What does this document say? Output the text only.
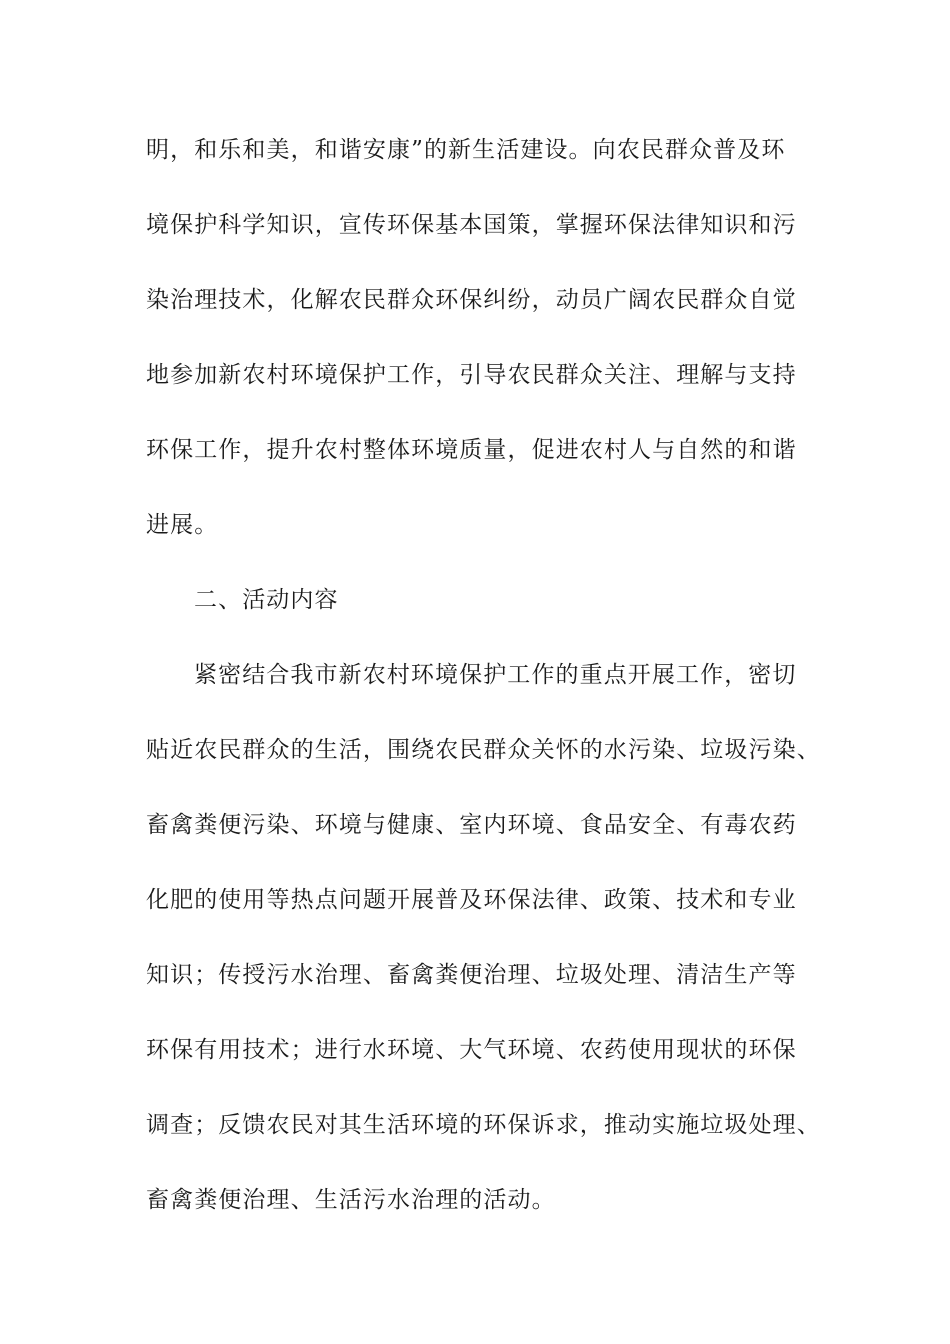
明，和乐和美，和谐安康”的新生活建设。向农民群众普及环
境保护科学知识，宣传环保基本国策，掌握环保法律知识和污
染治理技术，化解农民群众环保纠纷，动员广阔农民群众自觉
地参加新农村环境保护工作，引导农民群众关注、理解与支持
环保工作，提升农村整体环境质量，促进农村人与自然的和谐
进展。
二、活动内容
紧密结合我市新农村环境保护工作的重点开展工作，密切
贴近农民群众的生活，围绕农民群众关怀的水污染、垃圾污染、
畜禽粪便污染、环境与健康、室内环境、食品安全、有毒农药
化肥的使用等热点问题开展普及环保法律、政策、技术和专业
知识；传授污水治理、畜禽粪便治理、垃圾处理、清洁生产等
环保有用技术；进行水环境、大气环境、农药使用现状的环保
调查；反馈农民对其生活环境的环保诉求，推动实施垃圾处理、
畜禽粪便治理、生活污水治理的活动。
